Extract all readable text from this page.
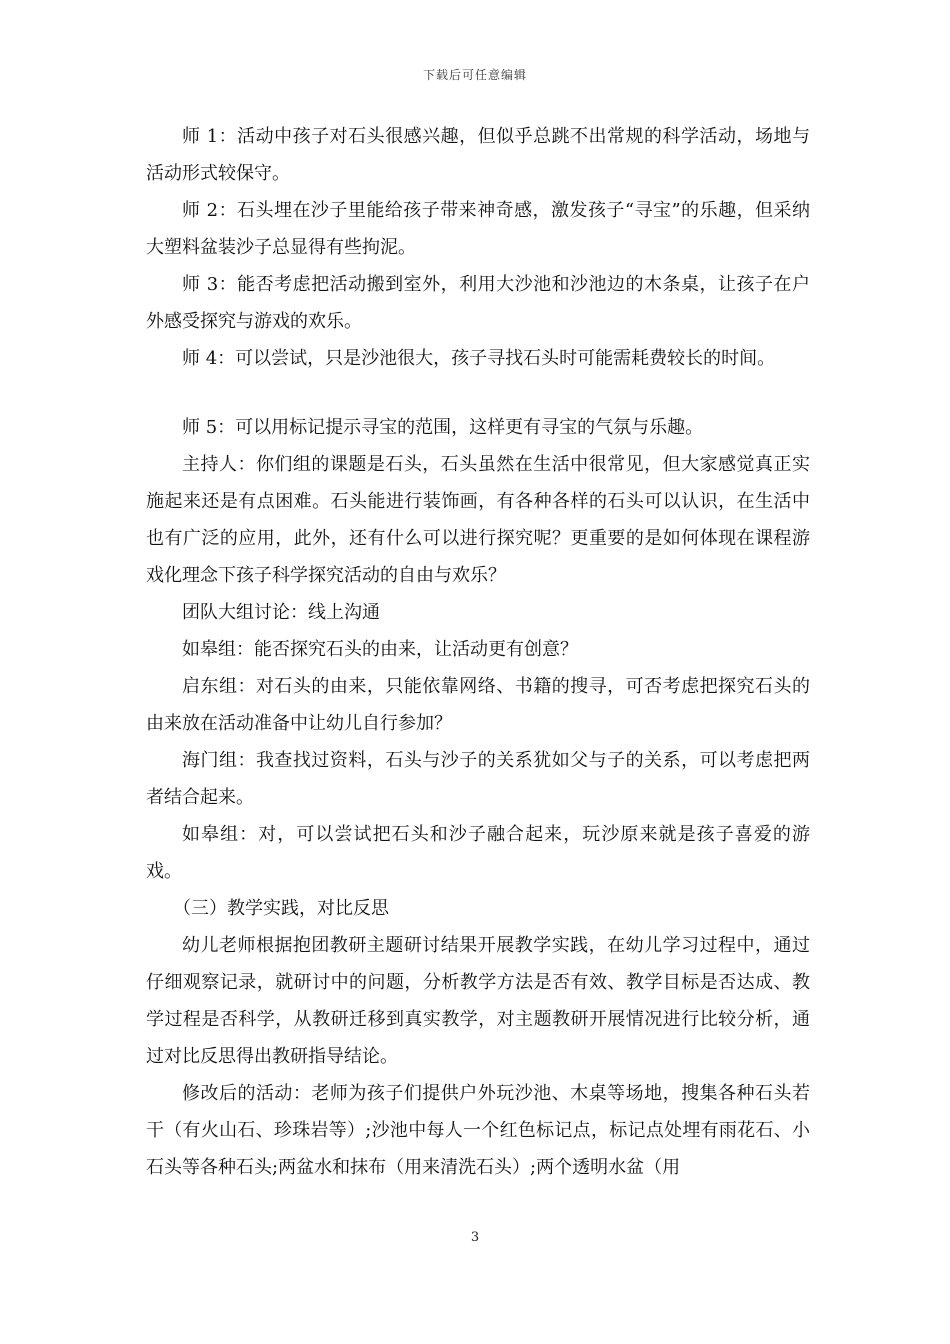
下载后可任意编辑

师 1：活动中孩子对石头很感兴趣，但似乎总跳不出常规的科学活动，场地与活动形式较保守。

师 2：石头埋在沙子里能给孩子带来神奇感，激发孩子“寻宝”的乐趣，但采纳大塑料盆装沙子总显得有些拘泥。

师 3：能否考虑把活动搬到室外，利用大沙池和沙池边的木条桌，让孩子在户外感受探究与游戏的欢乐。

师 4：可以尝试，只是沙池很大，孩子寻找石头时可能需耗费较长的时间。

师 5：可以用标记提示寻宝的范围，这样更有寻宝的气氛与乐趣。

主持人：你们组的课题是石头，石头虽然在生活中很常见，但大家感觉真正实施起来还是有点困难。石头能进行装饰画，有各种各样的石头可以认识，在生活中也有广泛的应用，此外，还有什么可以进行探究呢？更重要的是如何体现在课程游戏化理念下孩子科学探究活动的自由与欢乐？

团队大组讨论：线上沟通

如皋组：能否探究石头的由来，让活动更有创意？

启东组：对石头的由来，只能依靠网络、书籍的搜寻，可否考虑把探究石头的由来放在活动准备中让幼儿自行参加？

海门组：我查找过资料，石头与沙子的关系犹如父与子的关系，可以考虑把两者结合起来。

如皋组：对，可以尝试把石头和沙子融合起来，玩沙原来就是孩子喜爱的游戏。

（三）教学实践，对比反思

幼儿老师根据抱团教研主题研讨结果开展教学实践，在幼儿学习过程中，通过仔细观察记录，就研讨中的问题，分析教学方法是否有效、教学目标是否达成、教学过程是否科学，从教研迁移到真实教学，对主题教研开展情况进行比较分析，通过对比反思得出教研指导结论。

修改后的活动：老师为孩子们提供户外玩沙池、木桌等场地，搜集各种石头若干（有火山石、珍珠岩等）;沙池中每人一个红色标记点，标记点处埋有雨花石、小石头等各种石头;两盆水和抹布（用来清洗石头）;两个透明水盆（用

3
